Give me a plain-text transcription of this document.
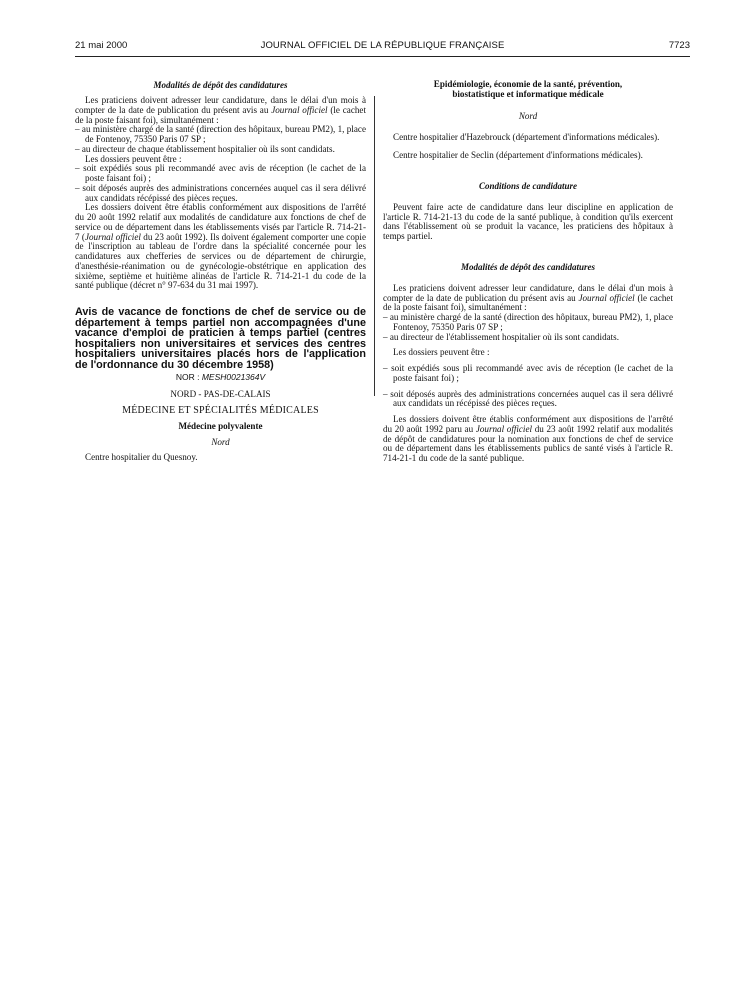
21 mai 2000	JOURNAL OFFICIEL DE LA RÉPUBLIQUE FRANÇAISE	7723

Modalités de dépôt des candidatures

Les praticiens doivent adresser leur candidature, dans le délai d'un mois à compter de la date de publication du présent avis au Journal officiel (le cachet de la poste faisant foi), simultanément :

– au ministère chargé de la santé (direction des hôpitaux, bureau PM2), 1, place de Fontenoy, 75350 Paris 07 SP ;

– au directeur de chaque établissement hospitalier où ils sont candidats.

Les dossiers peuvent être :

– soit expédiés sous pli recommandé avec avis de réception (le cachet de la poste faisant foi) ;

– soit déposés auprès des administrations concernées auquel cas il sera délivré aux candidats récépissé des pièces reçues.

Les dossiers doivent être établis conformément aux dispositions de l'arrêté du 20 août 1992 relatif aux modalités de candidature aux fonctions de chef de service ou de département dans les établissements visés par l'article R. 714-21-7 (Journal officiel du 23 août 1992). Ils doivent également comporter une copie de l'inscription au tableau de l'ordre dans la spécialité concernée pour les candidatures aux chefferies de services ou de département de chirurgie, d'anesthésie-réanimation ou de gynécologie-obstétrique en application des sixième, septième et huitième alinéas de l'article R. 714-21-1 du code de la santé publique (décret n° 97-634 du 31 mai 1997).

Avis de vacance de fonctions de chef de service ou de département à temps partiel non accompagnées d'une vacance d'emploi de praticien à temps partiel (centres hospitaliers non universitaires et services des centres hospitaliers universitaires placés hors de l'application de l'ordonnance du 30 décembre 1958)

NOR : MESH0021364V

NORD - PAS-DE-CALAIS

MÉDECINE ET SPÉCIALITÉS MÉDICALES

Médecine polyvalente

Nord

Centre hospitalier du Quesnoy.

Epidémiologie, économie de la santé, prévention, biostatistique et informatique médicale

Nord

Centre hospitalier d'Hazebrouck (département d'informations médicales).

Centre hospitalier de Seclin (département d'informations médicales).

Conditions de candidature

Peuvent faire acte de candidature dans leur discipline en application de l'article R. 714-21-13 du code de la santé publique, à condition qu'ils exercent dans l'établissement où se produit la vacance, les praticiens des hôpitaux à temps partiel.

Modalités de dépôt des candidatures

Les praticiens doivent adresser leur candidature, dans le délai d'un mois à compter de la date de publication du présent avis au Journal officiel (le cachet de la poste faisant foi), simultanément :

– au ministère chargé de la santé (direction des hôpitaux, bureau PM2), 1, place Fontenoy, 75350 Paris 07 SP ;

– au directeur de l'établissement hospitalier où ils sont candidats.

Les dossiers peuvent être :

– soit expédiés sous pli recommandé avec avis de réception (le cachet de la poste faisant foi) ;

– soit déposés auprès des administrations concernées auquel cas il sera délivré aux candidats un récépissé des pièces reçues.

Les dossiers doivent être établis conformément aux dispositions de l'arrêté du 20 août 1992 paru au Journal officiel du 23 août 1992 relatif aux modalités de dépôt de candidatures pour la nomination aux fonctions de chef de service ou de département dans les établissements publics de santé visés à l'article R. 714-21-1 du code de la santé publique.
